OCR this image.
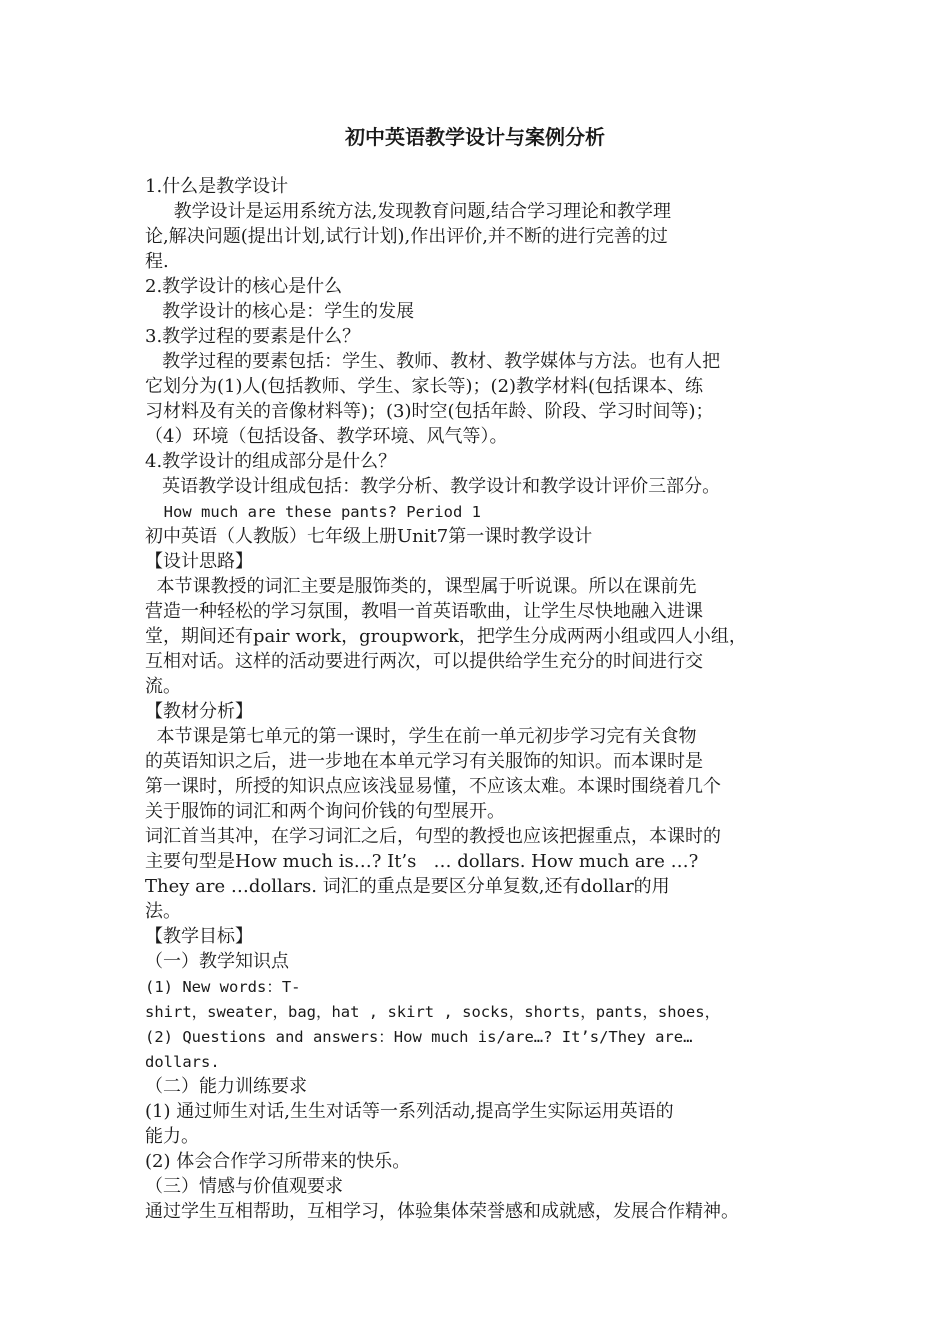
初中英语教学设计与案例分析
1.什么是教学设计
教学设计是运用系统方法,发现教育问题,结合学习理论和教学理
论,解决问题(提出计划,试行计划),作出评价,并不断的进行完善的过
程.
2.教学设计的核心是什么
教学设计的核心是：学生的发展
3.教学过程的要素是什么？
教学过程的要素包括：学生、教师、教材、教学媒体与方法。也有人把
它划分为(1)人(包括教师、学生、家长等)；(2)教学材料(包括课本、练
习材料及有关的音像材料等)；(3)时空(包括年龄、阶段、学习时间等)；
（4）环境（包括设备、教学环境、风气等）。
4.教学设计的组成部分是什么？
英语教学设计组成包括：教学分析、教学设计和教学设计评价三部分。
How much are these pants? Period 1
初中英语（人教版）七年级上册Unit7第一课时教学设计
【设计思路】
本节课教授的词汇主要是服饰类的，课型属于听说课。所以在课前先
营造一种轻松的学习氛围，教唱一首英语歌曲，让学生尽快地融入进课
堂，期间还有pair work，groupwork，把学生分成两两小组或四人小组，
互相对话。这样的活动要进行两次，可以提供给学生充分的时间进行交
流。
【教材分析】
本节课是第七单元的第一课时，学生在前一单元初步学习完有关食物
的英语知识之后，进一步地在本单元学习有关服饰的知识。而本课时是
第一课时，所授的知识点应该浅显易懂，不应该太难。本课时围绕着几个
关于服饰的词汇和两个询问价钱的句型展开。
词汇首当其冲，在学习词汇之后，句型的教授也应该把握重点，本课时的
主要句型是How much is…? It’s   … dollars. How much are …?
They are …dollars. 词汇的重点是要区分单复数,还有dollar的用
法。
【教学目标】
（一）教学知识点
(1) New words：T-
shirt，sweater，bag，hat , skirt , socks，shorts，pants，shoes，
(2) Questions and answers：How much is/are…? It’s/They are…
dollars.
（二）能力训练要求
(1) 通过师生对话,生生对话等一系列活动,提高学生实际运用英语的
能力。
(2) 体会合作学习所带来的快乐。
（三）情感与价值观要求
通过学生互相帮助，互相学习，体验集体荣誉感和成就感，发展合作精神。
